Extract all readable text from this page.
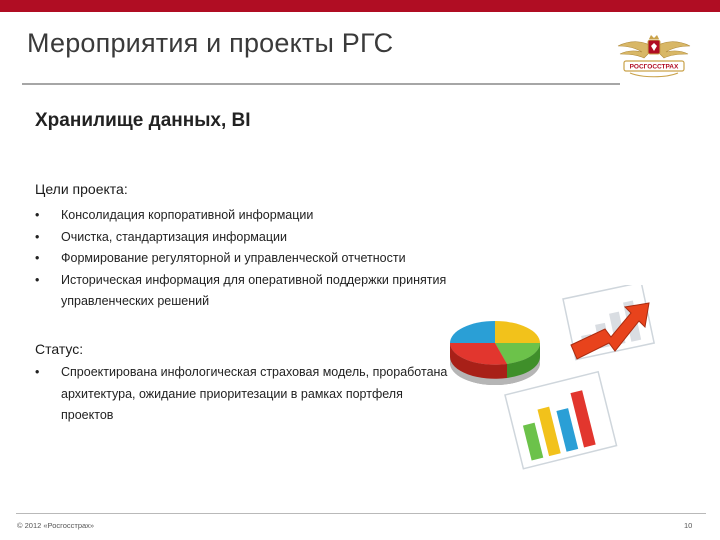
Мероприятия и проекты РГС
РОСГОССТРАХ
Хранилище данных, BI
Цели проекта:
• Консолидация корпоративной информации
• Очистка, стандартизация информации
• Формирование регуляторной и управленческой отчетности
• Историческая информация для оперативной поддержки принятия управленческих решений
Статус:
• Спроектирована инфологическая страховая модель, проработана архитектура, ожидание приоритезации в рамках портфеля проектов
© 2012 «Росгосстрах»	10
